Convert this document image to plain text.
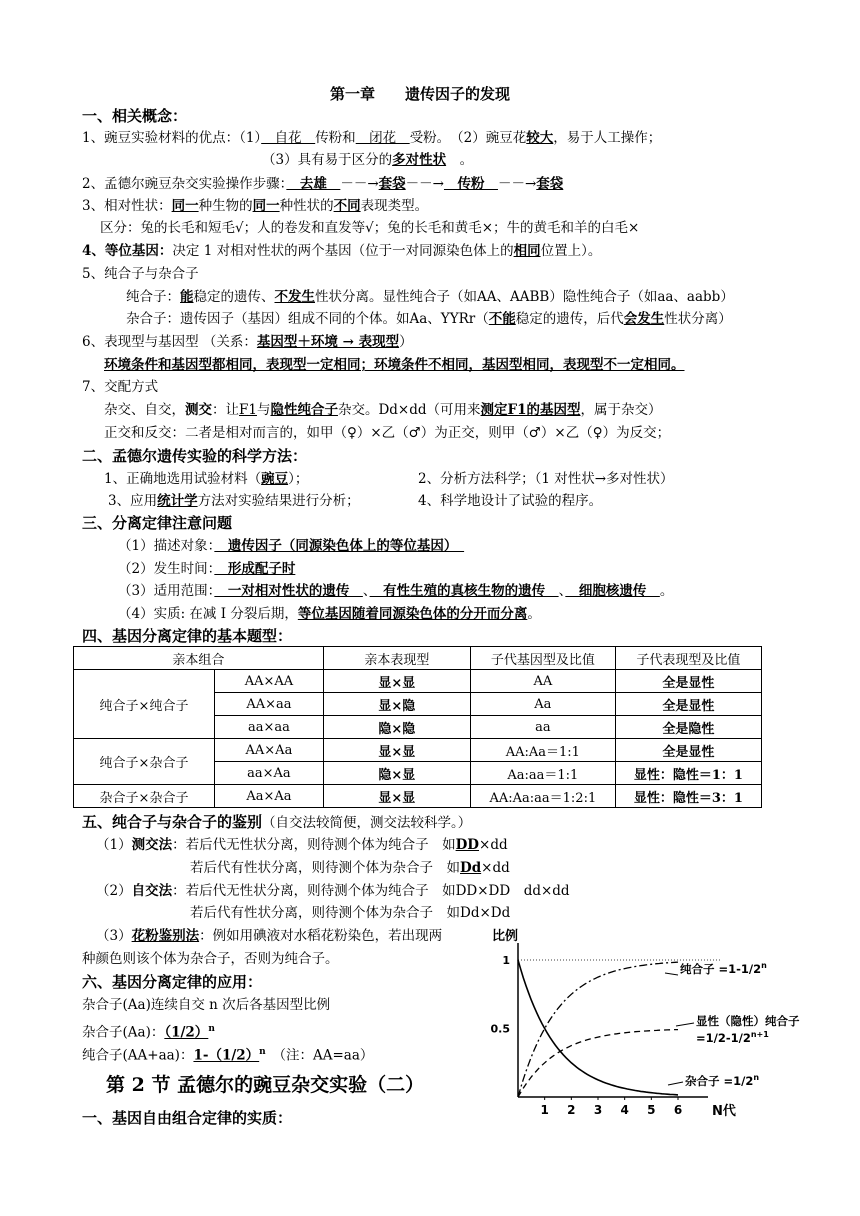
第一章　　遗传因子的发现
一、相关概念：
1、豌豆实验材料的优点：（1）　自花　传粉和　闭花　受粉。　（2）豌豆花较大，易于人工操作；
（3）具有易于区分的多对性状　。
2、孟德尔豌豆杂交实验操作步骤：　去雄　－－→套袋－－→　传粉　－－→套袋
3、相对性状：同一种生物的同一种性状的不同表现类型。
区分：兔的长毛和短毛√；人的卷发和直发等√；兔的长毛和黄毛×；牛的黄毛和羊的白毛×
4、等位基因：决定 1 对相对性状的两个基因（位于一对同源染色体上的相同位置上）。
5、纯合子与杂合子
纯合子：能稳定的遗传、不发生性状分离。显性纯合子（如AA、AABB）隐性纯合子（如aa、aabb）
杂合子：遗传因子（基因）组成不同的个体。如Aa、YYRr（不能稳定的遗传，后代会发生性状分离）
6、表现型与基因型 （关系：基因型＋环境 → 表现型）
环境条件和基因型都相同，表现型一定相同；环境条件不相同，基因型相同，表现型不一定相同。
7、交配方式
杂交、自交，测交：让F1与隐性纯合子杂交。Dd×dd（可用来测定F1的基因型，属于杂交）
正交和反交：二者是相对而言的，如甲（♀）×乙（♂）为正交，则甲（♂）×乙（♀）为反交；
二、孟德尔遗传实验的科学方法：
1、正确地选用试验材料（豌豆）；	2、分析方法科学；（1 对性状→多对性状）
3、应用统计学方法对实验结果进行分析；	4、科学地设计了试验的程序。
三、分离定律注意问题
（1）描述对象：　遗传因子（同源染色体上的等位基因）　
（2）发生时间：　形成配子时
（3）适用范围：　一对相对性状的遗传　、　有性生殖的真核生物的遗传　、　细胞核遗传　。
（4）实质: 在减 I 分裂后期，等位基因随着同源染色体的分开而分离。
四、基因分离定律的基本题型：
亲本组合		亲本表现型	子代基因型及比值	子代表现型及比值
纯合子×纯合子	AA×AA	显×显	AA	全是显性
	AA×aa	显×隐	Aa	全是显性
	aa×aa	隐×隐	aa	全是隐性
纯合子×杂合子	AA×Aa	显×显	AA:Aa＝1:1	全是显性
	aa×Aa	隐×显	Aa:aa＝1:1	显性：隐性＝1：1
杂合子×杂合子	Aa×Aa	显×显	AA:Aa:aa＝1:2:1	显性：隐性＝3：1
五、纯合子与杂合子的鉴别（自交法较简便，测交法较科学。）
（1）测交法：若后代无性状分离，则待测个体为纯合子　如DD×dd
若后代有性状分离，则待测个体为杂合子　如Dd×dd
（2）自交法：若后代无性状分离，则待测个体为纯合子　如DD×DD　dd×dd
若后代有性状分离，则待测个体为杂合子　如Dd×Dd
（3）花粉鉴别法：例如用碘液对水稻花粉染色，若出现两
种颜色则该个体为杂合子，否则为纯合子。
六、基因分离定律的应用：
杂合子(Aa)连续自交 n 次后各基因型比例
杂合子(Aa)：$(1/2)^n$
纯合子(AA+aa)：$1-(1/2)^n$　（注：AA=aa）
第 2 节 孟德尔的豌豆杂交实验（二）
一、基因自由组合定律的实质：
比例
N代
1
0.5
1 2 3 4 5 6
纯合子 $=1-1/2^n$
显性（隐性）纯合子
$=1/2-1/2^{n+1}$
杂合子 $=1/2^n$
